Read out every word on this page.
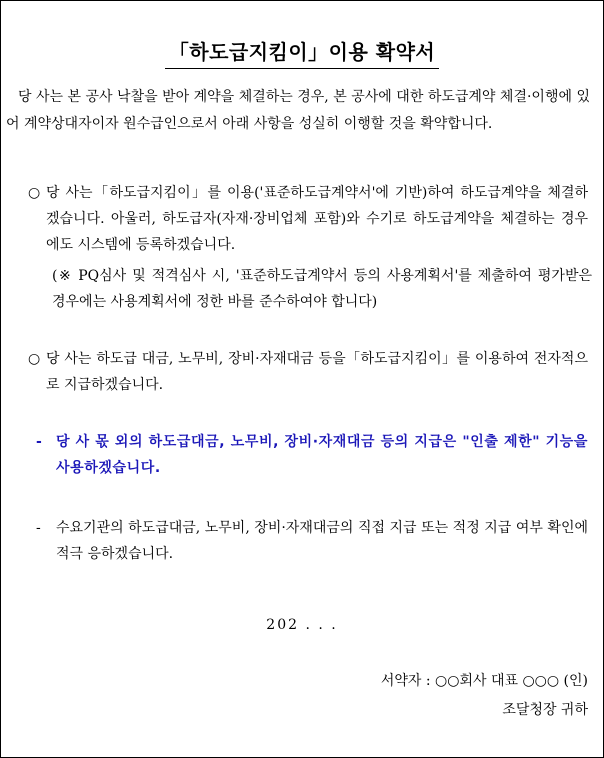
「하도급지킴이」이용 확약서
당 사는 본 공사 낙찰을 받아 계약을 체결하는 경우, 본 공사에 대한 하도급계약 체결·이행에 있어 계약상대자이자 원수급인으로서 아래 사항을 성실히 이행할 것을 확약합니다.
○ 당 사는「하도급지킴이」를 이용('표준하도급계약서'에 기반)하여 하도급계약을 체결하겠습니다. 아울러, 하도급자(자재·장비업체 포함)와 수기로 하도급계약을 체결하는 경우에도 시스템에 등록하겠습니다.
(※ PQ심사 및 적격심사 시, '표준하도급계약서 등의 사용계획서'를 제출하여 평가받은 경우에는 사용계획서에 정한 바를 준수하여야 합니다)
○ 당 사는 하도급 대금, 노무비, 장비·자재대금 등을「하도급지킴이」를 이용하여 전자적으로 지급하겠습니다.
- 당 사 몫 외의 하도급대금, 노무비, 장비·자재대금 등의 지급은 "인출 제한" 기능을 사용하겠습니다.
-	수요기관의 하도급대금, 노무비, 장비·자재대금의 직접 지급 또는 적정 지급 여부 확인에 적극 응하겠습니다.
202 . . .
서약자 : ○○회사 대표 ○○○ (인)
조달청장 귀하
